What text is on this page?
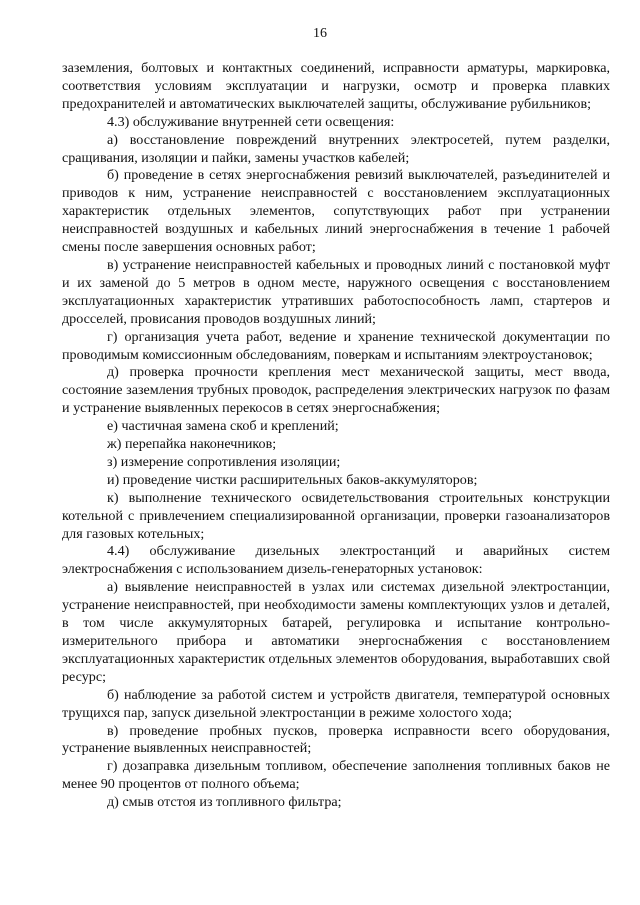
16

заземления, болтовых и контактных соединений, исправности арматуры, маркировка, соответствия условиям эксплуатации и нагрузки, осмотр и проверка плавких предохранителей и автоматических выключателей защиты, обслуживание рубильников;

4.3) обслуживание внутренней сети освещения:

а) восстановление повреждений внутренних электросетей, путем разделки, сращивания, изоляции и пайки, замены участков кабелей;

б) проведение в сетях энергоснабжения ревизий выключателей, разъединителей и приводов к ним, устранение неисправностей с восстановлением эксплуатационных характеристик отдельных элементов, сопутствующих работ при устранении неисправностей воздушных и кабельных линий энергоснабжения в течение 1 рабочей смены после завершения основных работ;

в) устранение неисправностей кабельных и проводных линий с постановкой муфт и их заменой до 5 метров в одном месте, наружного освещения с восстановлением эксплуатационных характеристик утративших работоспособность ламп, стартеров и дросселей, провисания проводов воздушных линий;

г) организация учета работ, ведение и хранение технической документации по проводимым комиссионным обследованиям, поверкам и испытаниям электроустановок;

д) проверка прочности крепления мест механической защиты, мест ввода, состояние заземления трубных проводок, распределения электрических нагрузок по фазам и устранение выявленных перекосов в сетях энергоснабжения;

е) частичная замена скоб и креплений;

ж) перепайка наконечников;

з) измерение сопротивления изоляции;

и) проведение чистки расширительных баков-аккумуляторов;

к) выполнение технического освидетельствования строительных конструкции котельной с привлечением специализированной организации, проверки газоанализаторов для газовых котельных;

4.4) обслуживание дизельных электростанций и аварийных систем электроснабжения с использованием дизель-генераторных установок:

а) выявление неисправностей в узлах или системах дизельной электростанции, устранение неисправностей, при необходимости замены комплектующих узлов и деталей, в том числе аккумуляторных батарей, регулировка и испытание контрольно-измерительного прибора и автоматики энергоснабжения с восстановлением эксплуатационных характеристик отдельных элементов оборудования, выработавших свой ресурс;

б) наблюдение за работой систем и устройств двигателя, температурой основных трущихся пар, запуск дизельной электростанции в режиме холостого хода;

в) проведение пробных пусков, проверка исправности всего оборудования, устранение выявленных неисправностей;

г) дозаправка дизельным топливом, обеспечение заполнения топливных баков не менее 90 процентов от полного объема;

д) смыв отстоя из топливного фильтра;
